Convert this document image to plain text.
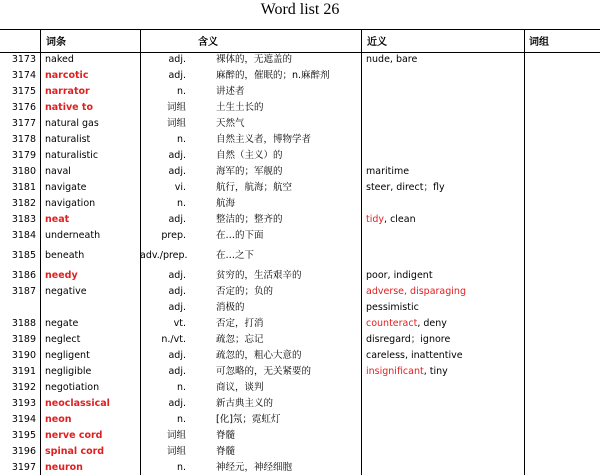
Word list 26
词条	含义	近义	词组
3173 naked	adj.	裸体的，无遮盖的	nude, bare
3174 narcotic	adj.	麻醉的，催眠的；n.麻醉剂
3175 narrator	n.	讲述者
3176 native to	词组	土生土长的
3177 natural gas	词组	天然气
3178 naturalist	n.	自然主义者，博物学者
3179 naturalistic	adj.	自然（主义）的
3180 naval	adj.	海军的；军舰的	maritime
3181 navigate	vi.	航行，航海；航空	steer, direct；fly
3182 navigation	n.	航海
3183 neat	adj.	整洁的；整齐的	tidy, clean
3184 underneath	prep.	在…的下面
3185 beneath	adv./prep.	在…之下
3186 needy	adj.	贫穷的，生活艰辛的	poor, indigent
3187 negative	adj.	否定的；负的	adverse, disparaging
adj.	消极的	pessimistic
3188 negate	vt.	否定，打消	counteract, deny
3189 neglect	n./vt.	疏忽；忘记	disregard；ignore
3190 negligent	adj.	疏忽的，粗心大意的	careless, inattentive
3191 negligible	adj.	可忽略的，无关紧要的	insignificant, tiny
3192 negotiation	n.	商议，谈判
3193 neoclassical	adj.	新古典主义的
3194 neon	n.	[化]氖；霓虹灯
3195 nerve cord	词组	脊髓
3196 spinal cord	词组	脊髓
3197 neuron	n.	神经元，神经细胞
